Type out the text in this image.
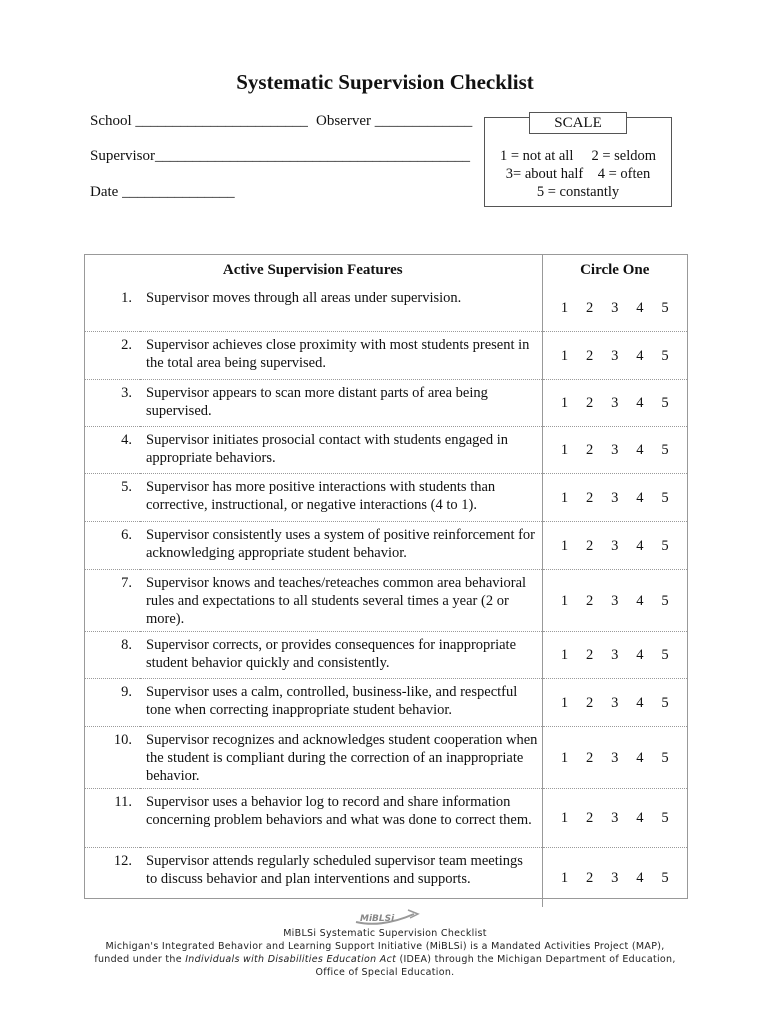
Systematic Supervision Checklist
School _______________________ Observer _____________
Supervisor__________________________________________
Date _______________
SCALE
1 = not at all     2 = seldom
3= about half    4 = often
5 = constantly
Active Supervision Features		Circle One
1.	Supervisor moves through all areas under supervision.	1 2 3 4 5

2.	Supervisor achieves close proximity with most students present in the total area being supervised.	1 2 3 4 5

3.	Supervisor appears to scan more distant parts of area being supervised.	1 2 3 4 5

4.	Supervisor initiates prosocial contact with students engaged in appropriate behaviors.	1 2 3 4 5

5.	Supervisor has more positive interactions with students than corrective, instructional, or negative interactions (4 to 1).	1 2 3 4 5

6.	Supervisor consistently uses a system of positive reinforcement for acknowledging appropriate student behavior.	1 2 3 4 5

7.	Supervisor knows and teaches/reteaches common area behavioral rules and expectations to all students several times a year (2 or more).	1 2 3 4 5

8.	Supervisor corrects, or provides consequences for inappropriate student behavior quickly and consistently.	1 2 3 4 5

9.	Supervisor uses a calm, controlled, business-like, and respectful tone when correcting inappropriate student behavior.	1 2 3 4 5

10.	Supervisor recognizes and acknowledges student cooperation when the student is compliant during the correction of an inappropriate behavior.	1 2 3 4 5

11.	Supervisor uses a behavior log to record and share information concerning problem behaviors and what was done to correct them.	1 2 3 4 5

12.	Supervisor attends regularly scheduled supervisor team meetings to discuss behavior and plan interventions and supports.	1 2 3 4 5
MiBLSi
MiBLSi Systematic Supervision Checklist
Michigan's Integrated Behavior and Learning Support Initiative (MiBLSi) is a Mandated Activities Project (MAP),
funded under the Individuals with Disabilities Education Act (IDEA) through the Michigan Department of Education,
Office of Special Education.
